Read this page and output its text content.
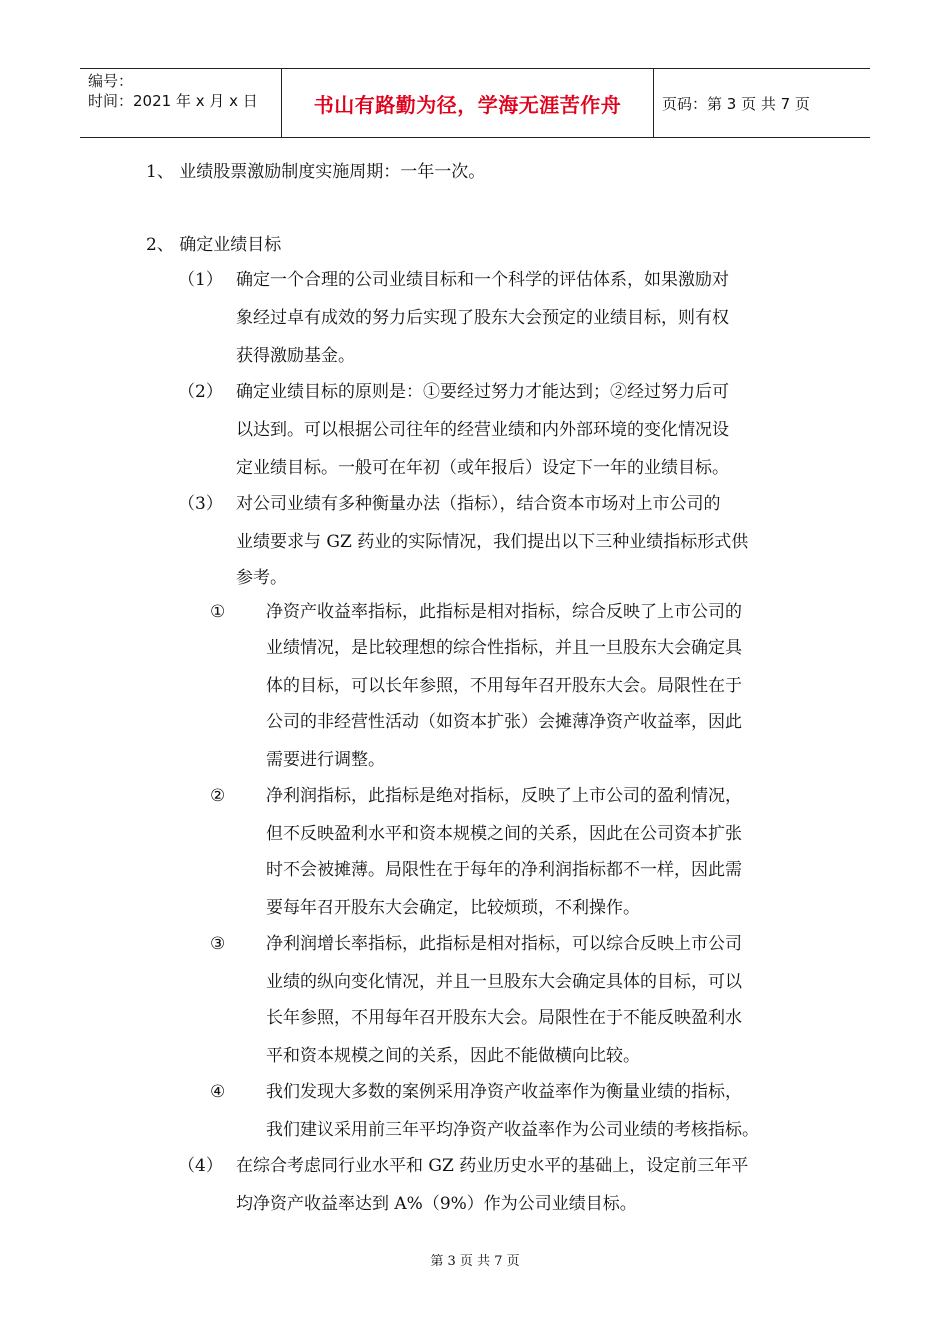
编号：
时间：2021 年 x 月 x 日	书山有路勤为径，学海无涯苦作舟	页码：第 3 页 共 7 页
1、 业绩股票激励制度实施周期：一年一次。
2、 确定业绩目标
（1） 确定一个合理的公司业绩目标和一个科学的评估体系，如果激励对
象经过卓有成效的努力后实现了股东大会预定的业绩目标，则有权
获得激励基金。
（2） 确定业绩目标的原则是：①要经过努力才能达到；②经过努力后可
以达到。可以根据公司往年的经营业绩和内外部环境的变化情况设
定业绩目标。一般可在年初（或年报后）设定下一年的业绩目标。
（3） 对公司业绩有多种衡量办法（指标），结合资本市场对上市公司的
业绩要求与 GZ 药业的实际情况，我们提出以下三种业绩指标形式供
参考。
① 净资产收益率指标，此指标是相对指标，综合反映了上市公司的
业绩情况，是比较理想的综合性指标，并且一旦股东大会确定具
体的目标，可以长年参照，不用每年召开股东大会。局限性在于
公司的非经营性活动（如资本扩张）会摊薄净资产收益率，因此
需要进行调整。
② 净利润指标，此指标是绝对指标，反映了上市公司的盈利情况，
但不反映盈利水平和资本规模之间的关系，因此在公司资本扩张
时不会被摊薄。局限性在于每年的净利润指标都不一样，因此需
要每年召开股东大会确定，比较烦琐，不利操作。
③ 净利润增长率指标，此指标是相对指标，可以综合反映上市公司
业绩的纵向变化情况，并且一旦股东大会确定具体的目标，可以
长年参照，不用每年召开股东大会。局限性在于不能反映盈利水
平和资本规模之间的关系，因此不能做横向比较。
④ 我们发现大多数的案例采用净资产收益率作为衡量业绩的指标，
我们建议采用前三年平均净资产收益率作为公司业绩的考核指标。
（4） 在综合考虑同行业水平和 GZ 药业历史水平的基础上，设定前三年平
均净资产收益率达到 A%（9%）作为公司业绩目标。
第 3 页 共 7 页
